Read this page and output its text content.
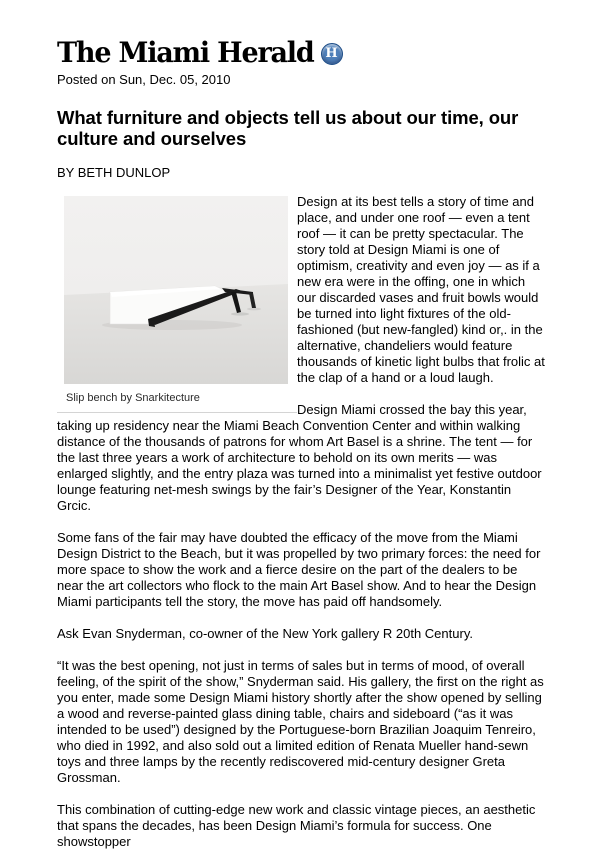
The Miami Herald H
Posted on Sun, Dec. 05, 2010
What furniture and objects tell us about our time, our culture and ourselves
BY BETH DUNLOP
Slip bench by Snarkitecture

Design at its best tells a story of time and place, and under one roof — even a tent roof — it can be pretty spectacular. The story told at Design Miami is one of optimism, creativity and even joy — as if a new era were in the offing, one in which our discarded vases and fruit bowls would be turned into light fixtures of the old-fashioned (but new-fangled) kind or,. in the alternative, chandeliers would feature thousands of kinetic light bulbs that frolic at the clap of a hand or a loud laugh.

Design Miami crossed the bay this year, taking up residency near the Miami Beach Convention Center and within walking distance of the thousands of patrons for whom Art Basel is a shrine. The tent — for the last three years a work of architecture to behold on its own merits — was enlarged slightly, and the entry plaza was turned into a minimalist yet festive outdoor lounge featuring net-mesh swings by the fair’s Designer of the Year, Konstantin Grcic.

Some fans of the fair may have doubted the efficacy of the move from the Miami Design District to the Beach, but it was propelled by two primary forces: the need for more space to show the work and a fierce desire on the part of the dealers to be near the art collectors who flock to the main Art Basel show. And to hear the Design Miami participants tell the story, the move has paid off handsomely.

Ask Evan Snyderman, co-owner of the New York gallery R 20th Century.

“It was the best opening, not just in terms of sales but in terms of mood, of overall feeling, of the spirit of the show,” Snyderman said. His gallery, the first on the right as you enter, made some Design Miami history shortly after the show opened by selling a wood and reverse-painted glass dining table, chairs and sideboard (“as it was intended to be used”) designed by the Portuguese-born Brazilian Joaquim Tenreiro, who died in 1992, and also sold out a limited edition of Renata Mueller hand-sewn toys and three lamps by the recently rediscovered mid-century designer Greta Grossman.

This combination of cutting-edge new work and classic vintage pieces, an aesthetic that spans the decades, has been Design Miami’s formula for success. One showstopper
